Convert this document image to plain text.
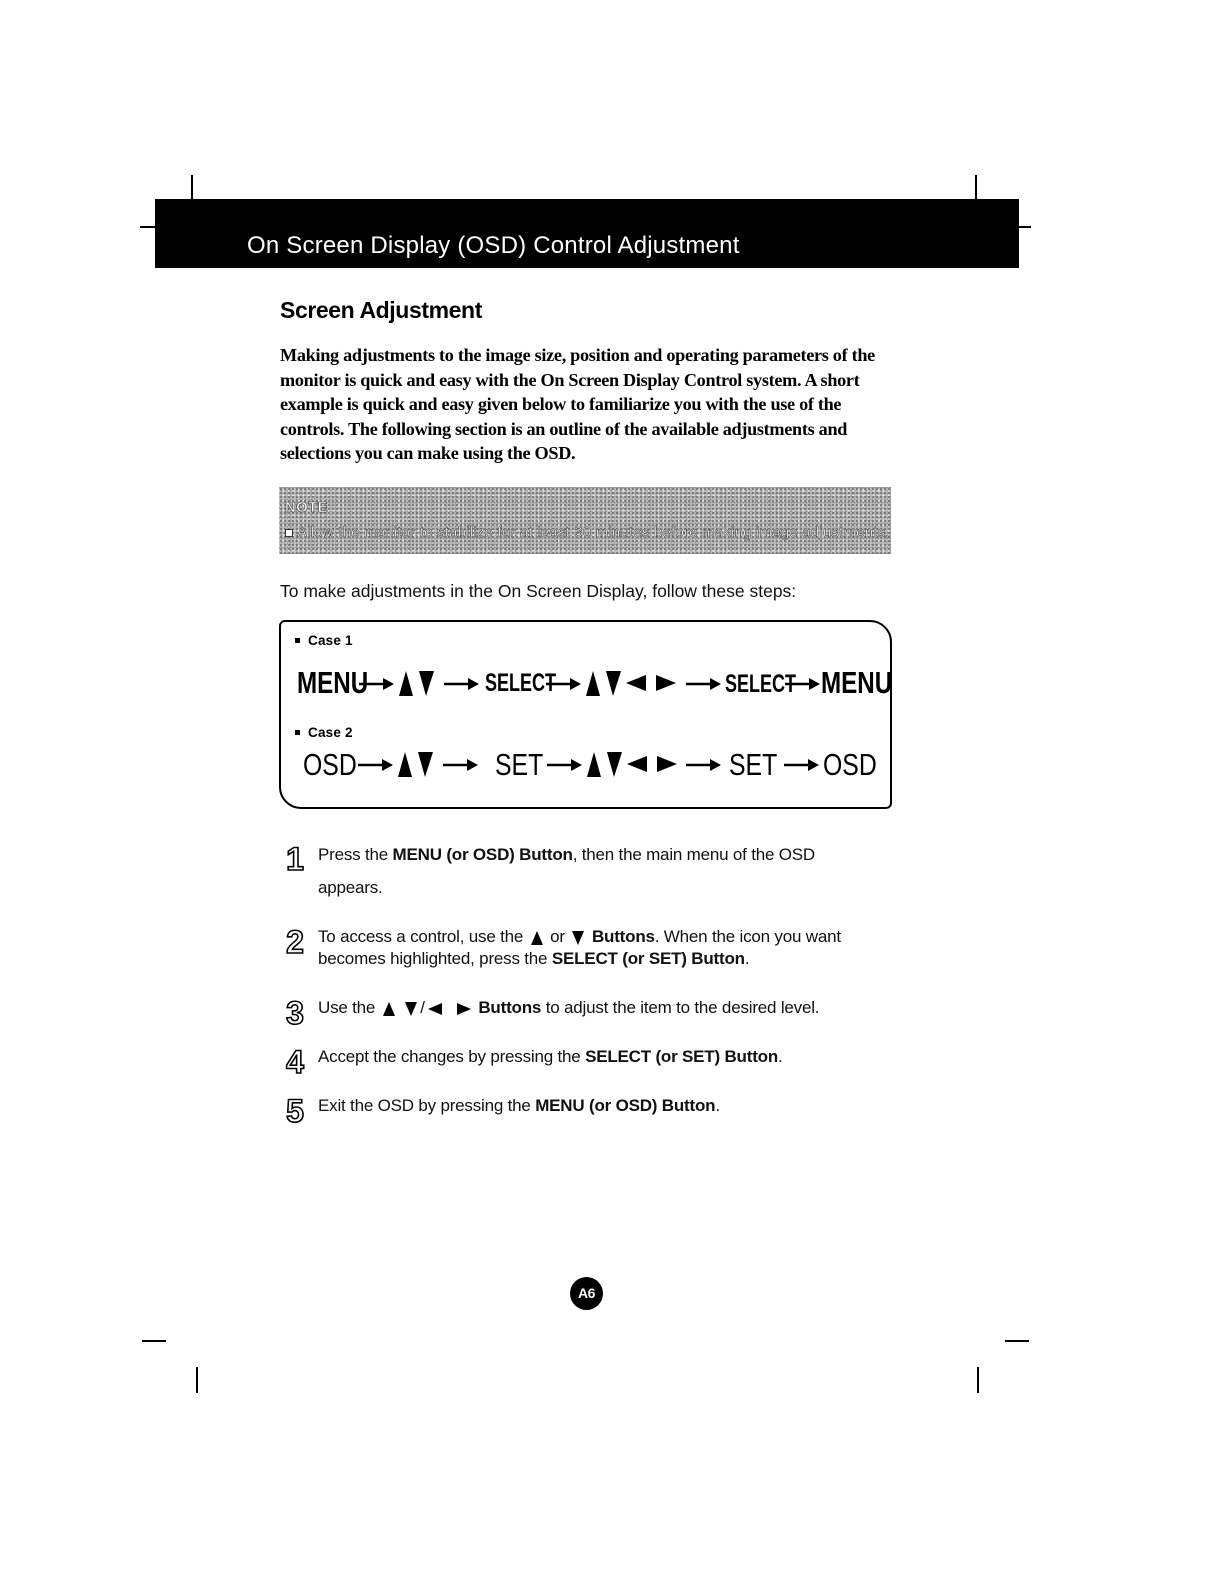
On Screen Display (OSD) Control Adjustment
Screen Adjustment
Making adjustments to the image size, position and operating parameters of the monitor is quick and easy with the On Screen Display Control system. A short example is quick and easy given below to familiarize you with the use of the controls. The following section is an outline of the available adjustments and selections you can make using the OSD.
NOTE
Allow the monitor to stabilize for at least 30 minutes before making image adjustments.
To make adjustments in the On Screen Display, follow these steps:
Case 1
MENU	SELECT	SELECT MENU
Case 2
OSD	SET	SET OSD
1 Press the MENU (or OSD) Button, then the main menu of the OSD appears.
2 To access a control, use the  or  Buttons. When the icon you want becomes highlighted, press the SELECT (or SET) Button.
3 Use the  /	Buttons to adjust the item to the desired level.
4 Accept the changes by pressing the SELECT (or SET) Button.
5 Exit the OSD by pressing the MENU (or OSD) Button.
A6
